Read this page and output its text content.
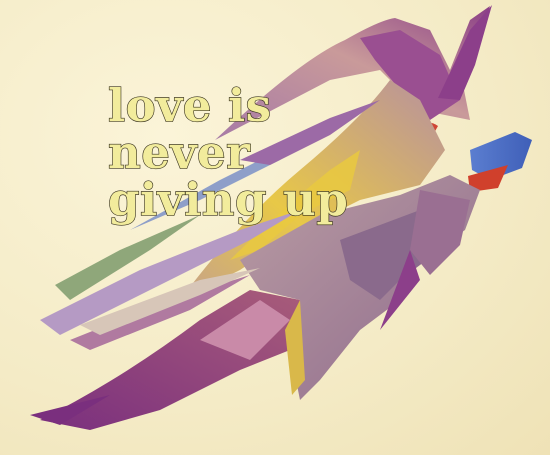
love is
never
giving up
